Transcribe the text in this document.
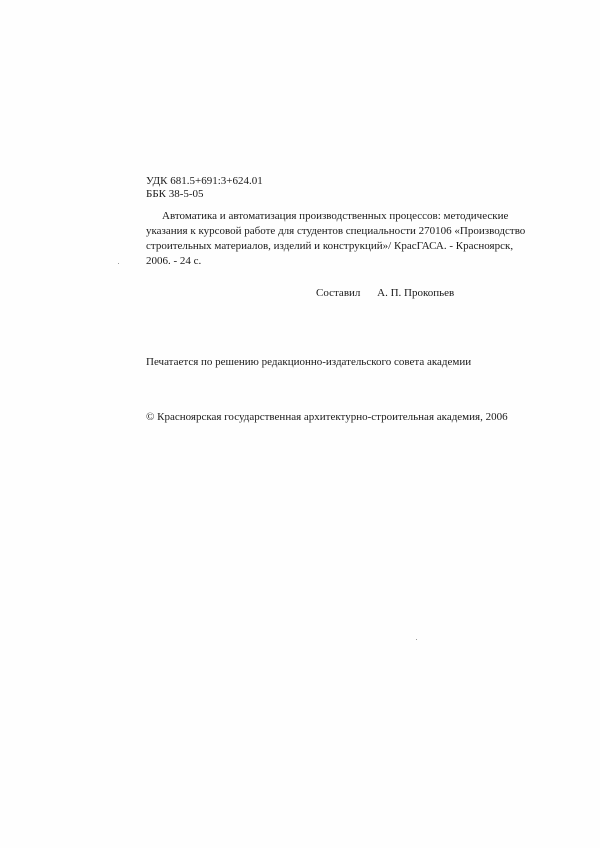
УДК 681.5+691:3+624.01
ББК 38-5-05
Автоматика и автоматизация производственных процессов: методические
указания к курсовой работе для студентов специальности 270106 «Производство
строительных материалов, изделий и конструкций»/ КрасГАСА. - Красноярск,
2006. - 24 с.
Составил А. П. Прокопьев
Печатается по решению редакционно-издательского совета академии
© Красноярская государственная архитектурно-строительная академия, 2006
